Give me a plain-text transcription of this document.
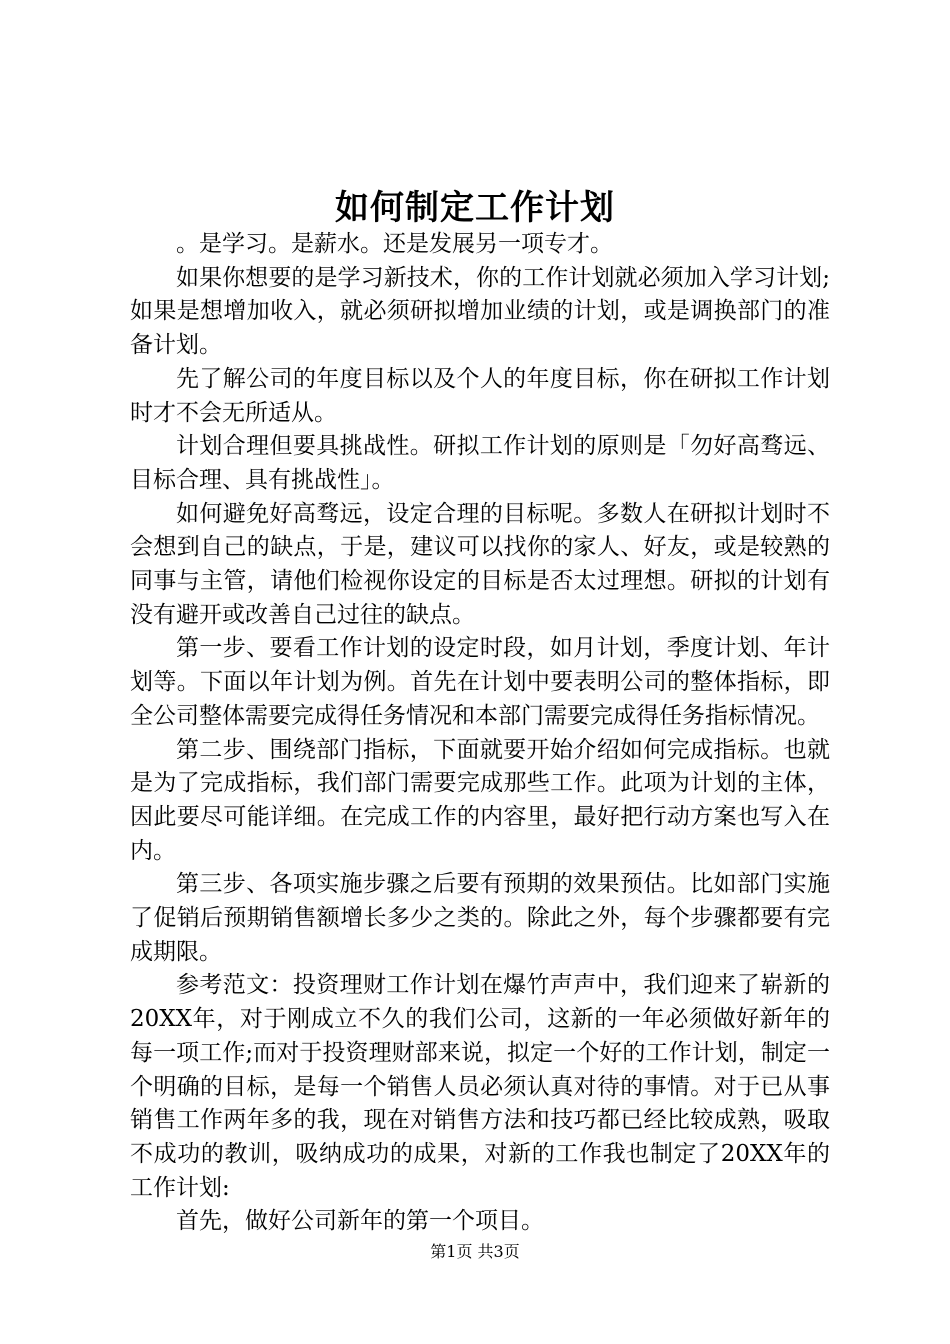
如何制定工作计划

。是学习。是薪水。还是发展另一项专才。

如果你想要的是学习新技术，你的工作计划就必须加入学习计划;如果是想增加收入，就必须研拟增加业绩的计划，或是调换部门的准备计划。

先了解公司的年度目标以及个人的年度目标，你在研拟工作计划时才不会无所适从。

计划合理但要具挑战性。研拟工作计划的原则是「勿好高骛远、目标合理、具有挑战性」。

如何避免好高骛远，设定合理的目标呢。多数人在研拟计划时不会想到自己的缺点，于是，建议可以找你的家人、好友，或是较熟的同事与主管，请他们检视你设定的目标是否太过理想。研拟的计划有没有避开或改善自己过往的缺点。

第一步、要看工作计划的设定时段，如月计划，季度计划、年计划等。下面以年计划为例。首先在计划中要表明公司的整体指标，即全公司整体需要完成得任务情况和本部门需要完成得任务指标情况。

第二步、围绕部门指标，下面就要开始介绍如何完成指标。也就是为了完成指标，我们部门需要完成那些工作。此项为计划的主体，因此要尽可能详细。在完成工作的内容里，最好把行动方案也写入在内。

第三步、各项实施步骤之后要有预期的效果预估。比如部门实施了促销后预期销售额增长多少之类的。除此之外，每个步骤都要有完成期限。

参考范文：投资理财工作计划在爆竹声声中，我们迎来了崭新的20XX年，对于刚成立不久的我们公司，这新的一年必须做好新年的每一项工作;而对于投资理财部来说，拟定一个好的工作计划，制定一个明确的目标，是每一个销售人员必须认真对待的事情。对于已从事销售工作两年多的我，现在对销售方法和技巧都已经比较成熟，吸取不成功的教训，吸纳成功的成果，对新的工作我也制定了20XX年的工作计划:

首先，做好公司新年的第一个项目。

第1页 共3页
